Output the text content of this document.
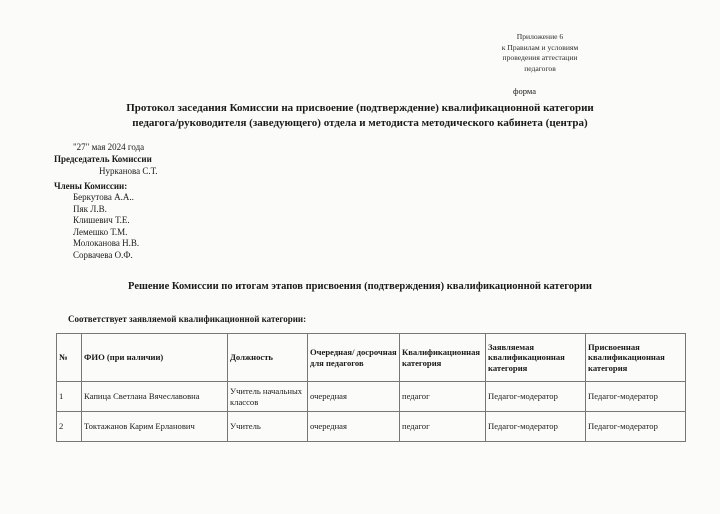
Приложение 6
к Правилам и условиям
проведения аттестации
педагогов
форма
Протокол заседания Комиссии на присвоение (подтверждение) квалификационной категории
педагога/руководителя (заведующего) отдела и методиста методического кабинета (центра)
"27" мая 2024 года
Председатель Комиссии
Нурканова С.Т.
Члены Комиссии:
Беркутова А.А..
Пяк Л.В.
Клишевич Т.Е.
Лемешко Т.М.
Молоканова Н.В.
Сорвачева О.Ф.
Решение Комиссии по итогам этапов присвоения (подтверждения) квалификационной категории
Соответствует заявляемой квалификационной категории:
№	ФИО (при наличии)	Должность	Очередная/ досрочная для педагогов	Квалификационная категория	Заявляемая квалификационная категория	Присвоенная квалификационная категория
1	Капица Светлана Вячеславовна	Учитель начальных классов	очередная	педагог	Педагог-модератор	Педагог-модератор
2	Токтажанов Карим Ерланович	Учитель	очередная	педагог	Педагог-модератор	Педагог-модератор
